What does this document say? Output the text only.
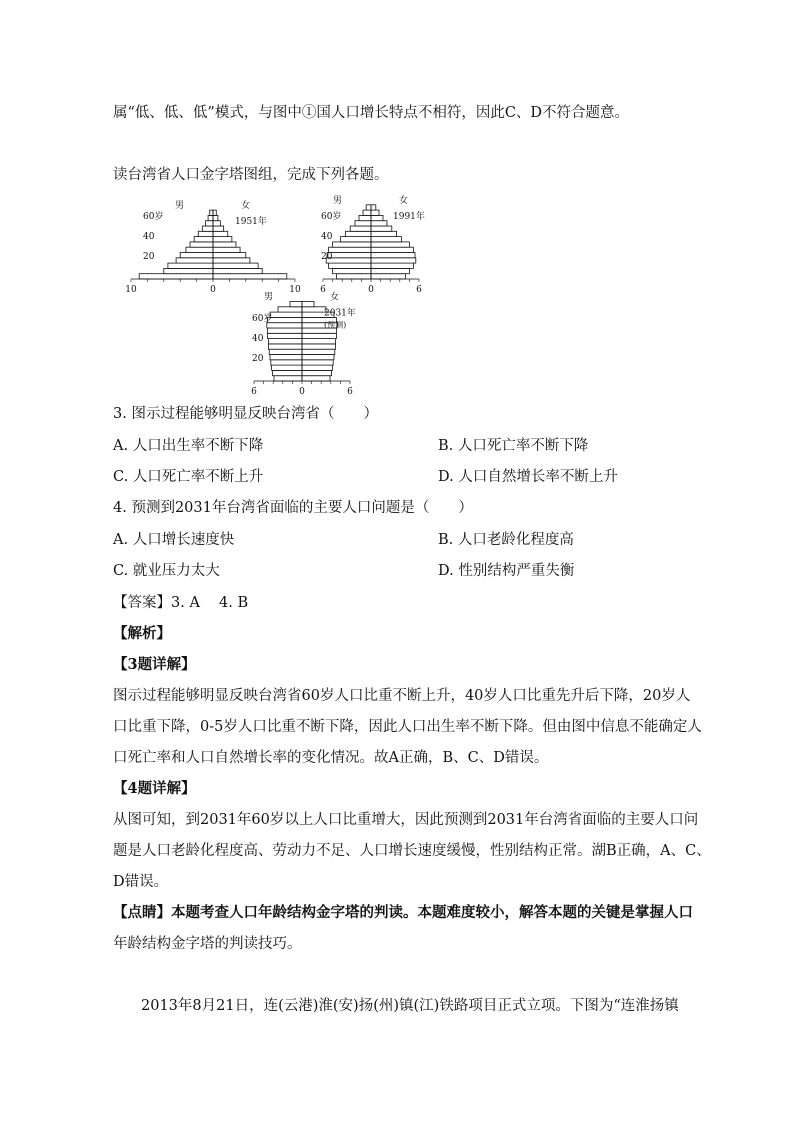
属“低、低、低”模式，与图中①国人口增长特点不相符，因此C、D不符合题意。
读台湾省人口金字塔图组，完成下列各题。
10	0	10
60岁
40
20
男	女
1951年
6	0	6
60岁
40
20
男	女
1991年
6	0	6
60岁
40
20
男	女
2031年
(预测)
3. 图示过程能够明显反映台湾省（　　）
A. 人口出生率不断下降	B. 人口死亡率不断下降
C. 人口死亡率不断上升	D. 人口自然增长率不断上升
4. 预测到2031年台湾省面临的主要人口问题是（　　）
A. 人口增长速度快	B. 人口老龄化程度高
C. 就业压力太大	D. 性别结构严重失衡
【答案】3. A　 4. B
【解析】
【3题详解】
图示过程能够明显反映台湾省60岁人口比重不断上升，40岁人口比重先升后下降，20岁人
口比重下降，0-5岁人口比重不断下降，因此人口出生率不断下降。但由图中信息不能确定人
口死亡率和人口自然增长率的变化情况。故A正确，B、C、D错误。
【4题详解】
从图可知，到2031年60岁以上人口比重增大，因此预测到2031年台湾省面临的主要人口问
题是人口老龄化程度高、劳动力不足、人口增长速度缓慢，性别结构正常。湖B正确，A、C、
D错误。
【点睛】本题考查人口年龄结构金字塔的判读。本题难度较小，解答本题的关键是掌握人口
年龄结构金字塔的判读技巧。
2013年8月21日，连(云港)淮(安)扬(州)镇(江)铁路项目正式立项。下图为“连淮扬镇
